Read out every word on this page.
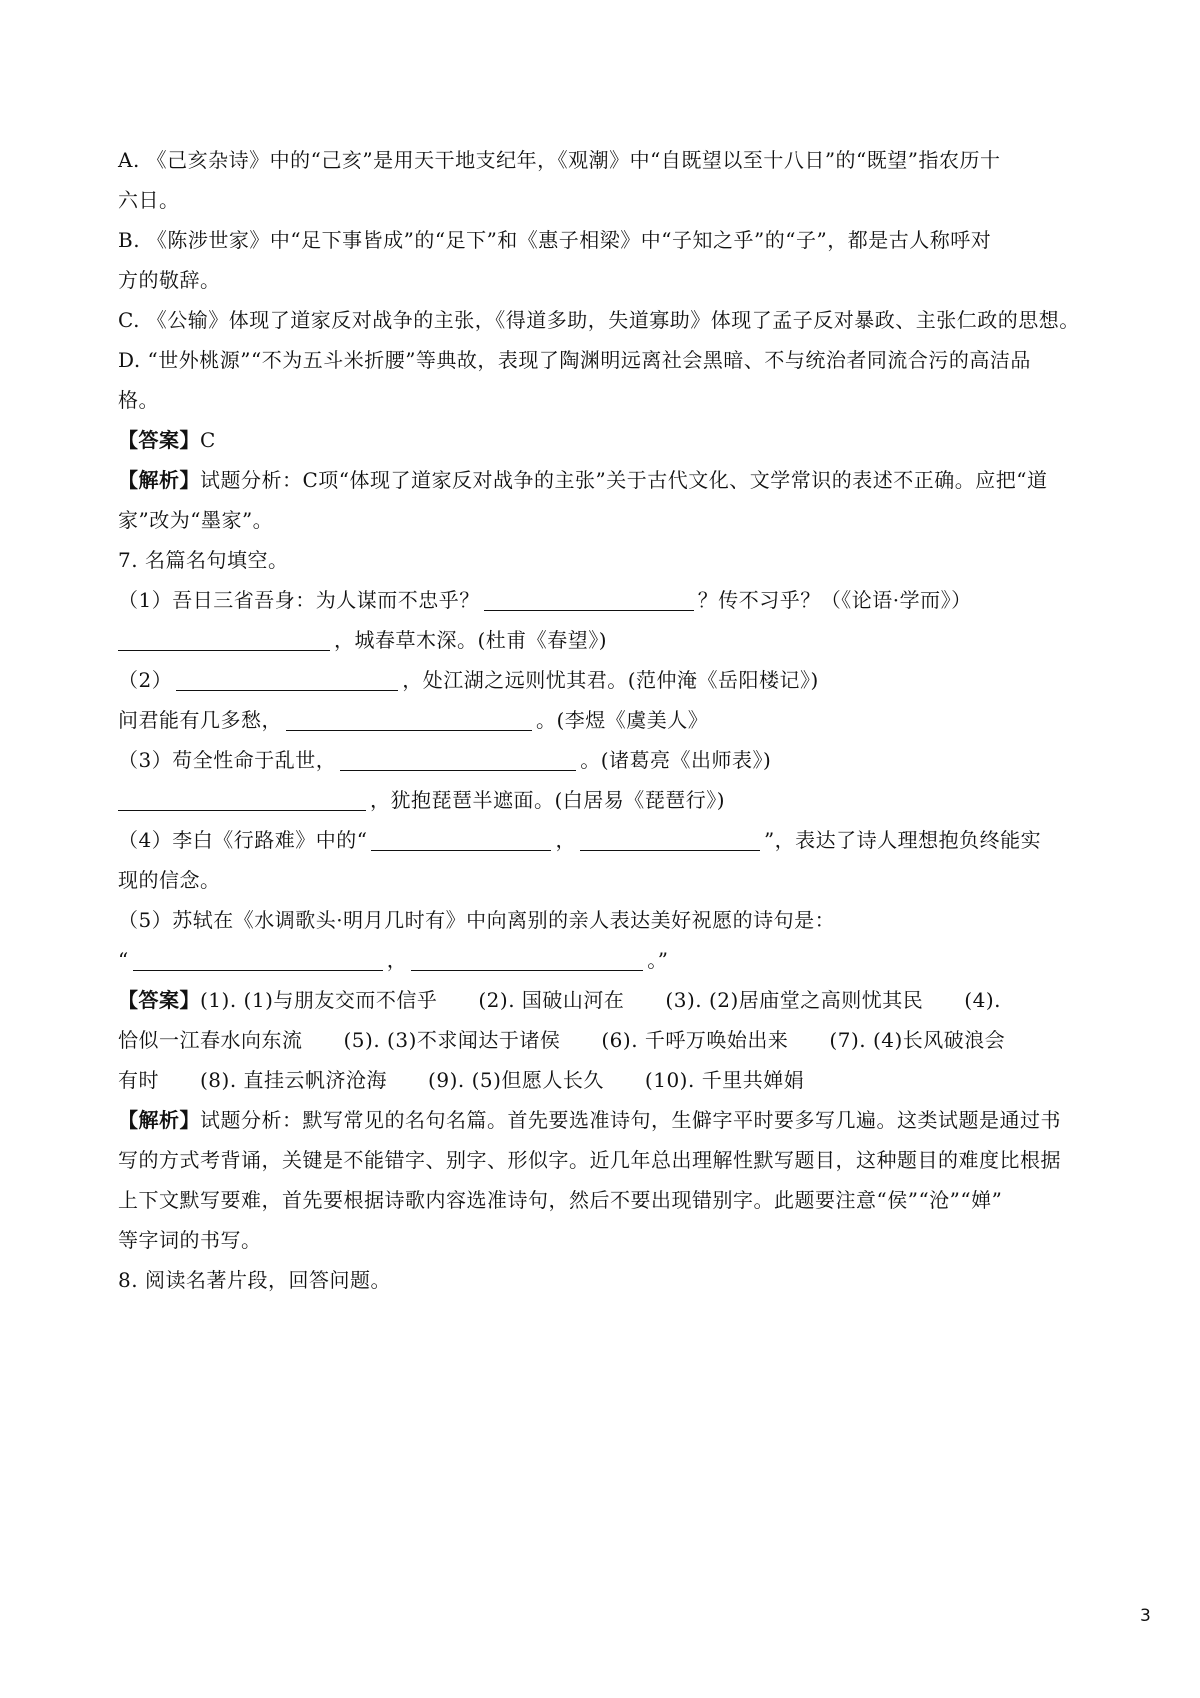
A. 《己亥杂诗》中的“己亥”是用天干地支纪年，《观潮》中“自既望以至十八日”的“既望”指农历十

六日。

B. 《陈涉世家》中“足下事皆成”的“足下”和《惠子相梁》中“子知之乎”的“子”，都是古人称呼对

方的敬辞。

C. 《公输》体现了道家反对战争的主张，《得道多助，失道寡助》体现了孟子反对暴政、主张仁政的思想。

D. “世外桃源”“不为五斗米折腰”等典故，表现了陶渊明远离社会黑暗、不与统治者同流合污的高洁品

格。

【答案】C

【解析】试题分析：C项“体现了道家反对战争的主张”关于古代文化、文学常识的表述不正确。应把“道

家”改为“墨家”。

7. 名篇名句填空。

（1）吾日三省吾身：为人谋而不忠乎？	？传不习乎？（《论语·学而》）

，城春草木深。(杜甫《春望》)

（2）	，处江湖之远则忧其君。(范仲淹《岳阳楼记》)

问君能有几多愁，	。(李煜《虞美人》

（3）苟全性命于乱世，	。(诸葛亮《出师表》)

，犹抱琵琶半遮面。(白居易《琵琶行》)

（4）李白《行路难》中的“	，	”，表达了诗人理想抱负终能实

现的信念。

（5）苏轼在《水调歌头·明月几时有》中向离别的亲人表达美好祝愿的诗句是：

“	，	。”

【答案】(1). (1)与朋友交而不信乎　　(2). 国破山河在　　(3). (2)居庙堂之高则忧其民　　(4).

恰似一江春水向东流　　(5). (3)不求闻达于诸侯　　(6). 千呼万唤始出来　　(7). (4)长风破浪会

有时　　(8). 直挂云帆济沧海　　(9). (5)但愿人长久　　(10). 千里共婵娟

【解析】试题分析：默写常见的名句名篇。首先要选准诗句，生僻字平时要多写几遍。这类试题是通过书

写的方式考背诵，关键是不能错字、别字、形似字。近几年总出理解性默写题目，这种题目的难度比根据

上下文默写要难，首先要根据诗歌内容选准诗句，然后不要出现错别字。此题要注意“侯”“沧”“婵”

等字词的书写。

8. 阅读名著片段，回答问题。

3
